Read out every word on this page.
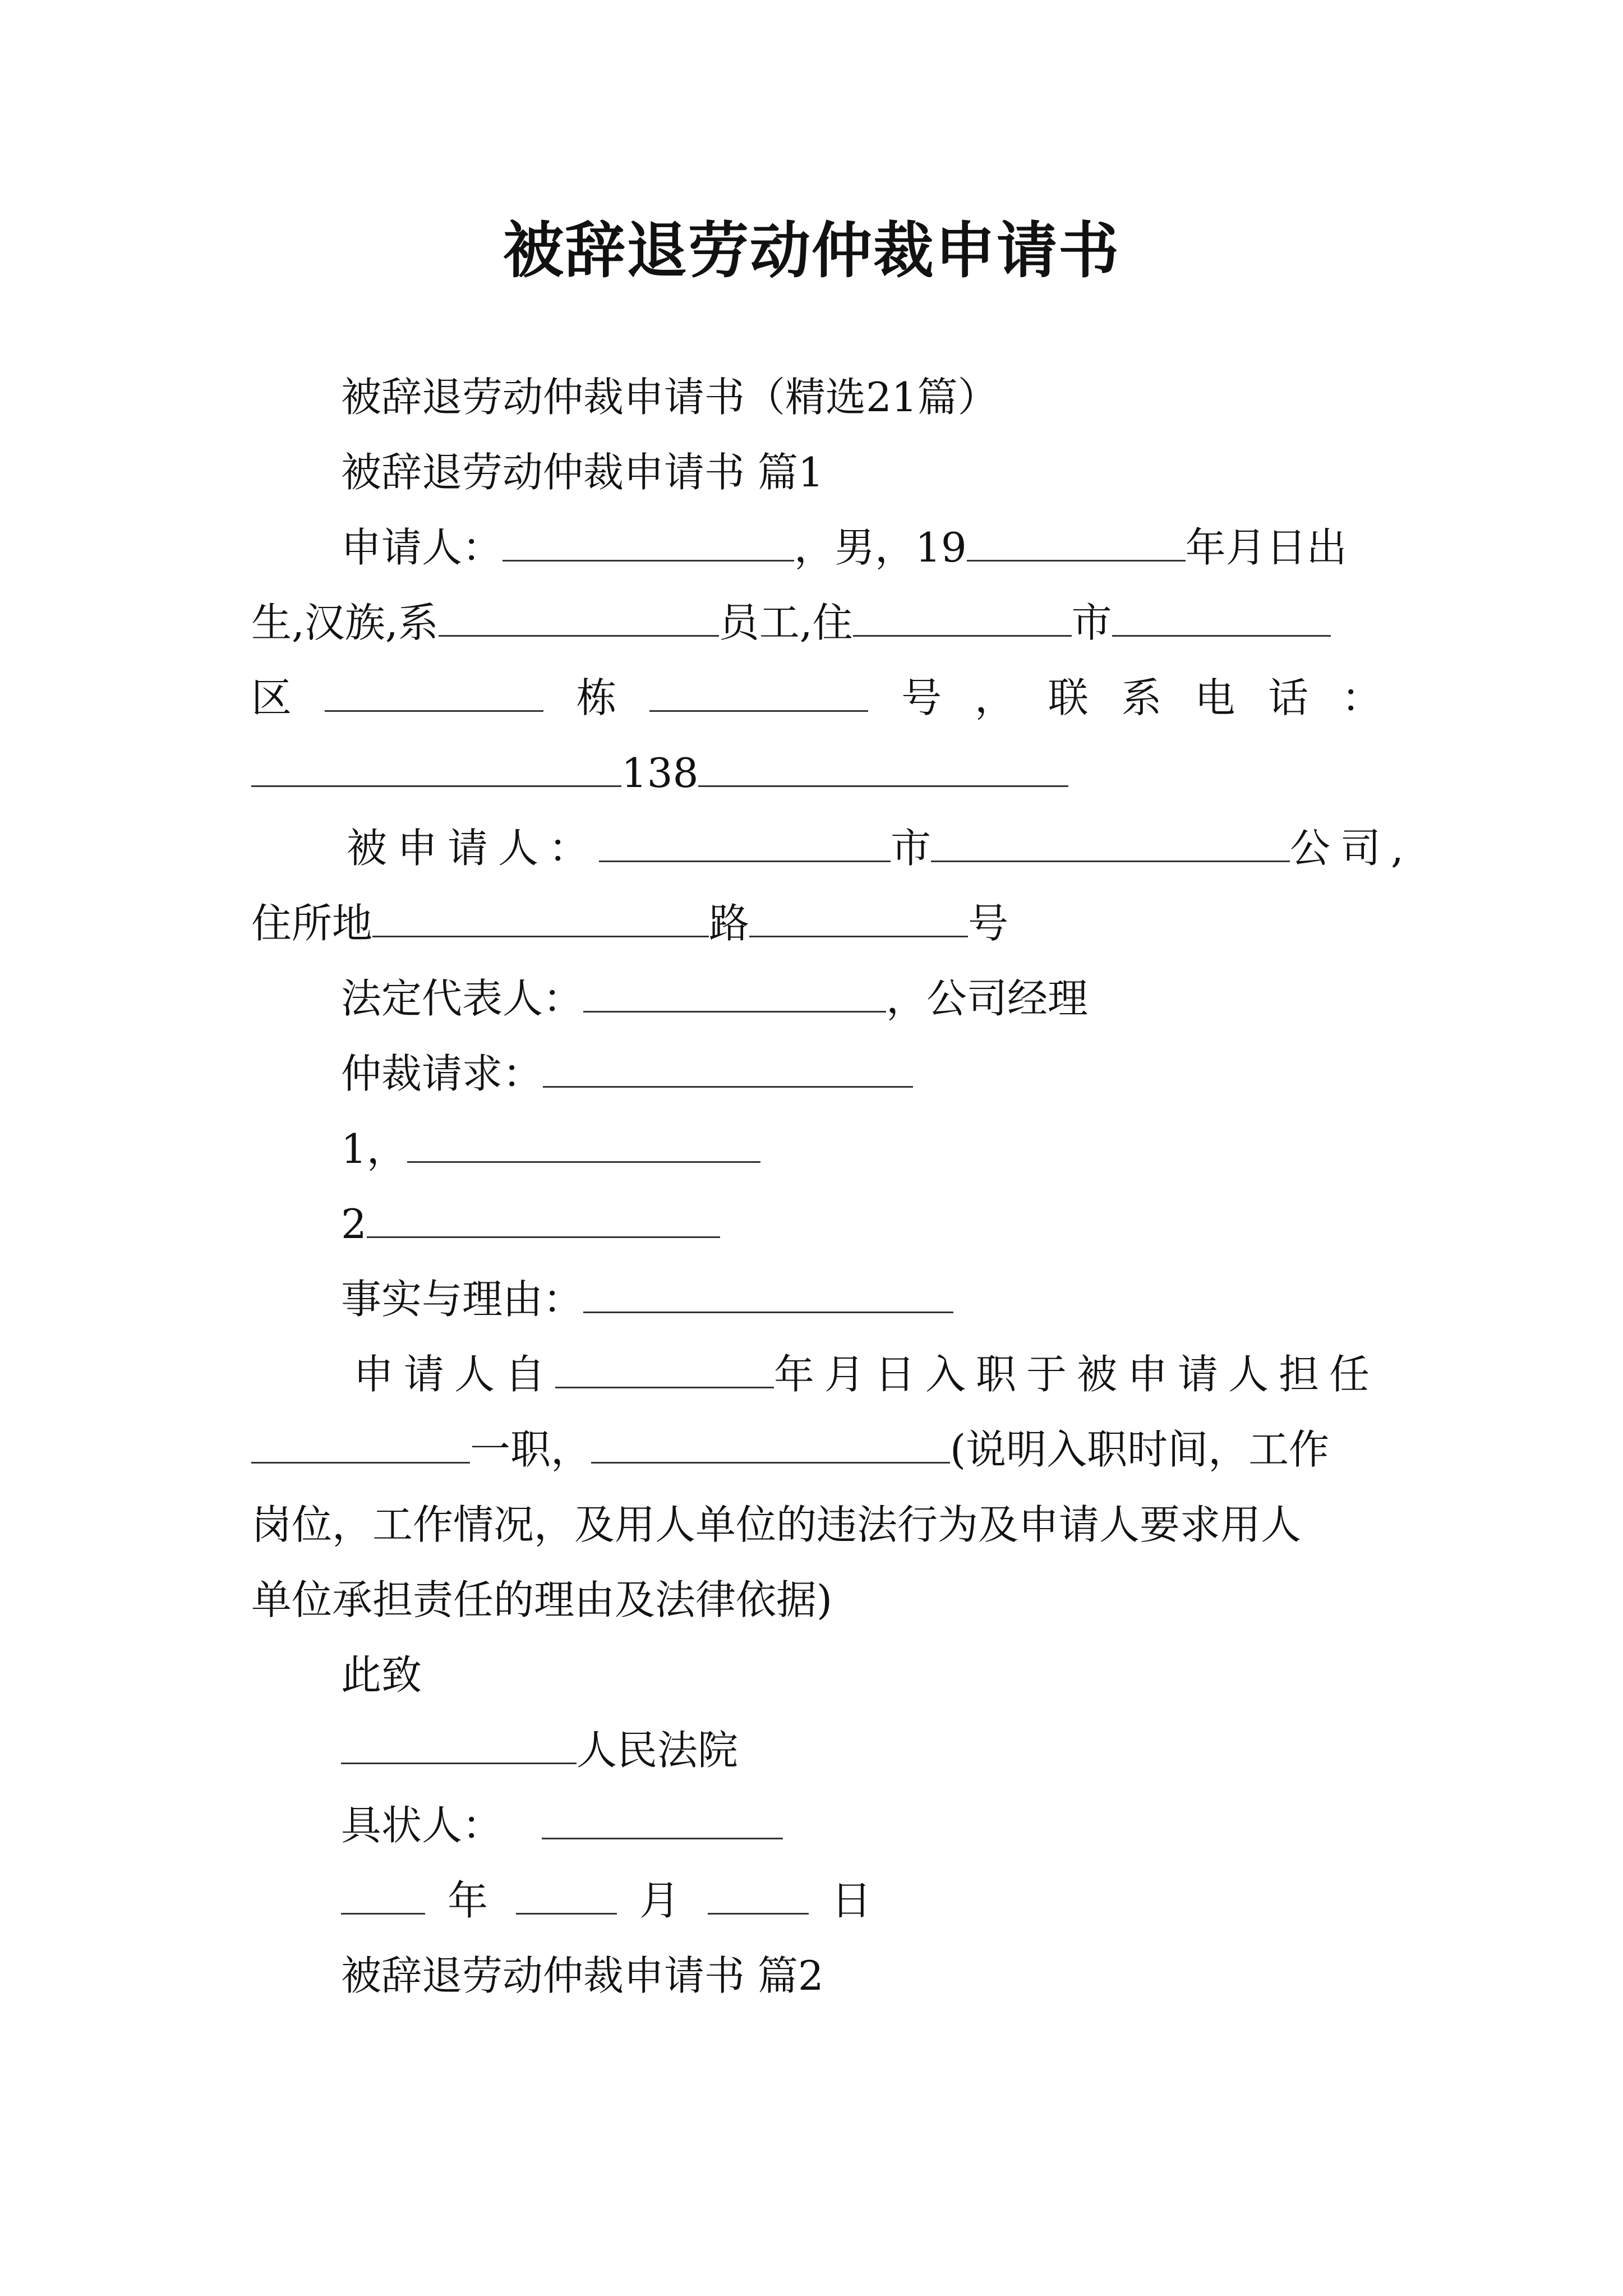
被辞退劳动仲裁申请书
被辞退劳动仲裁申请书（精选21篇）
被辞退劳动仲裁申请书 篇1
申请人：	，男，19	年月日出
生,汉族,系	员工,住	市
区	栋	号 ， 联 系 电 话 ：
138
被申请人：	市	公司,
住所地	路	号
法定代表人：	，公司经理
仲裁请求：
1，
2
事实与理由：
申请人自	年月日入职于被申请人担任
一职，	(说明入职时间，工作
岗位，工作情况，及用人单位的违法行为及申请人要求用人
单位承担责任的理由及法律依据)
此致
人民法院
具状人：
年	月	日
被辞退劳动仲裁申请书 篇2
